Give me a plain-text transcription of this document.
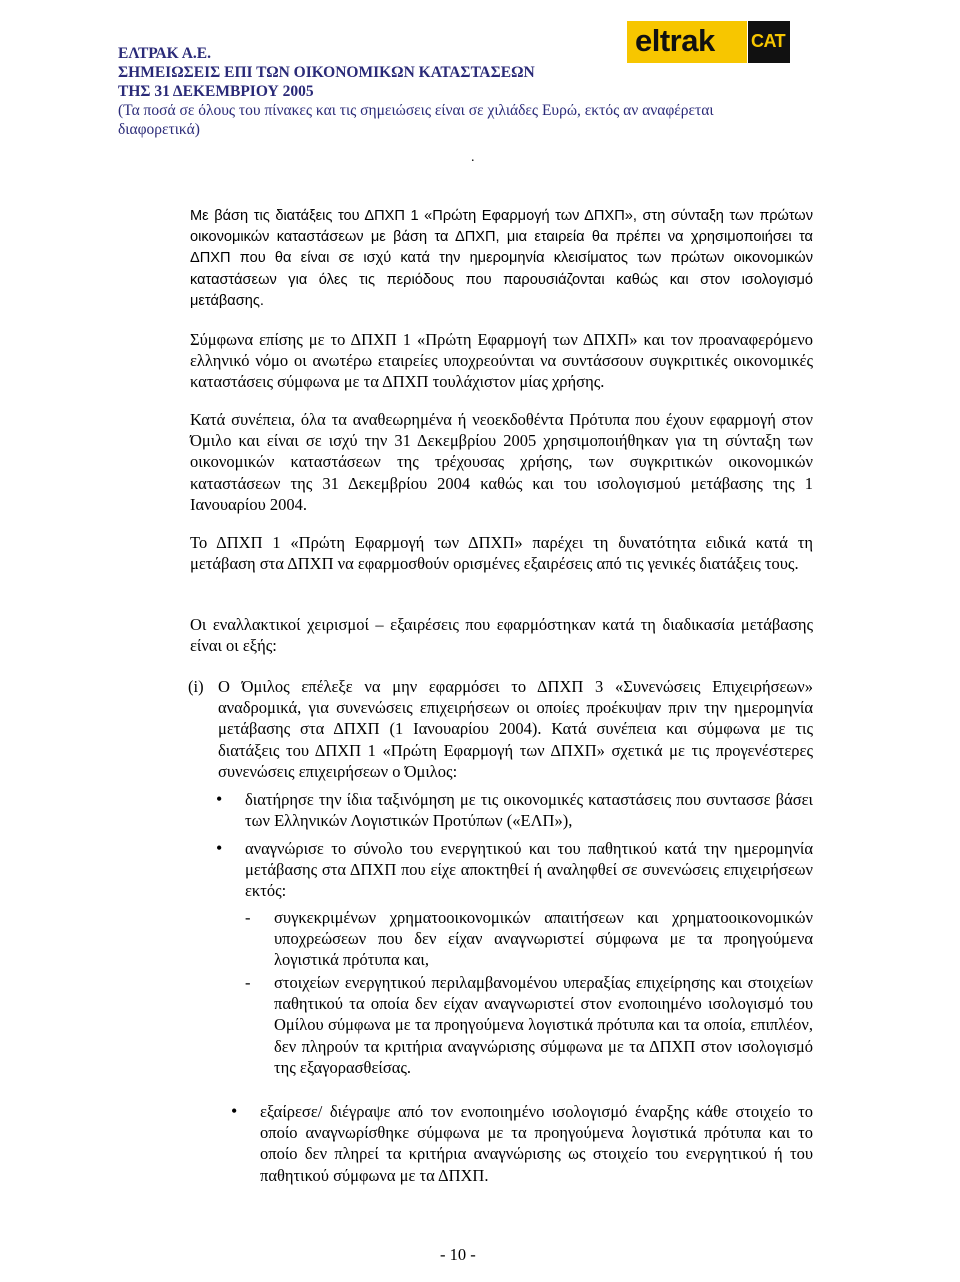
ΕΛΤΡΑΚ Α.Ε.
ΣΗΜΕΙΩΣΕΙΣ ΕΠΙ ΤΩΝ ΟΙΚΟΝΟΜΙΚΩΝ ΚΑΤΑΣΤΑΣΕΩΝ
ΤΗΣ 31 ΔΕΚΕΜΒΡΙΟΥ 2005
(Τα ποσά σε όλους του πίνακες και τις σημειώσεις είναι σε χιλιάδες Ευρώ, εκτός αν αναφέρεται διαφορετικά)
eltrak CAT
.

Με βάση τις διατάξεις του ΔΠΧΠ 1 «Πρώτη Εφαρμογή των ΔΠΧΠ», στη σύνταξη των πρώτων οικονομικών καταστάσεων με βάση τα ΔΠΧΠ, μια εταιρεία θα πρέπει να χρησιμοποιήσει τα ΔΠΧΠ που θα είναι σε ισχύ κατά την ημερομηνία κλεισίματος των πρώτων οικονομικών καταστάσεων για όλες τις περιόδους που παρουσιάζονται καθώς και στον ισολογισμό μετάβασης.

Σύμφωνα επίσης με το ΔΠΧΠ 1 «Πρώτη Εφαρμογή των ΔΠΧΠ» και τον προαναφερόμενο ελληνικό νόμο οι ανωτέρω εταιρείες υποχρεούνται να συντάσσουν συγκριτικές οικονομικές καταστάσεις σύμφωνα με τα ΔΠΧΠ τουλάχιστον μίας χρήσης.

Κατά συνέπεια, όλα τα αναθεωρημένα ή νεοεκδοθέντα Πρότυπα που έχουν εφαρμογή στον Όμιλο και είναι σε ισχύ την 31 Δεκεμβρίου 2005 χρησιμοποιήθηκαν για τη σύνταξη των οικονομικών καταστάσεων της τρέχουσας χρήσης, των συγκριτικών οικονομικών καταστάσεων της 31 Δεκεμβρίου 2004 καθώς και του ισολογισμού μετάβασης της 1 Ιανουαρίου 2004.

Το ΔΠΧΠ 1 «Πρώτη Εφαρμογή των ΔΠΧΠ» παρέχει τη δυνατότητα ειδικά κατά τη μετάβαση στα ΔΠΧΠ να εφαρμοσθούν ορισμένες εξαιρέσεις από τις γενικές διατάξεις τους.

Οι εναλλακτικοί χειρισμοί – εξαιρέσεις που εφαρμόστηκαν κατά τη διαδικασία μετάβασης είναι οι εξής:

(i) Ο Όμιλος επέλεξε να μην εφαρμόσει το ΔΠΧΠ 3 «Συνενώσεις Επιχειρήσεων» αναδρομικά, για συνενώσεις επιχειρήσεων οι οποίες προέκυψαν πριν την ημερομηνία μετάβασης στα ΔΠΧΠ (1 Ιανουαρίου 2004). Κατά συνέπεια και σύμφωνα με τις διατάξεις του ΔΠΧΠ 1 «Πρώτη Εφαρμογή των ΔΠΧΠ» σχετικά με τις προγενέστερες συνενώσεις επιχειρήσεων ο Όμιλος:

• διατήρησε την ίδια ταξινόμηση με τις οικονομικές καταστάσεις που συντασσε βάσει των Ελληνικών Λογιστικών Προτύπων («ΕΛΠ»),

• αναγνώρισε το σύνολο του ενεργητικού και του παθητικού κατά την ημερομηνία μετάβασης στα ΔΠΧΠ που είχε αποκτηθεί ή αναληφθεί σε συνενώσεις επιχειρήσεων εκτός:

- συγκεκριμένων χρηματοοικονομικών απαιτήσεων και χρηματοοικονομικών υποχρεώσεων που δεν είχαν αναγνωριστεί σύμφωνα με τα προηγούμενα λογιστικά πρότυπα και,

- στοιχείων ενεργητικού περιλαμβανομένου υπεραξίας επιχείρησης και στοιχείων παθητικού τα οποία δεν είχαν αναγνωριστεί στον ενοποιημένο ισολογισμό του Ομίλου σύμφωνα με τα προηγούμενα λογιστικά πρότυπα και τα οποία, επιπλέον, δεν πληρούν τα κριτήρια αναγνώρισης σύμφωνα με τα ΔΠΧΠ στον ισολογισμό της εξαγορασθείσας.

• εξαίρεσε/ διέγραψε από τον ενοποιημένο ισολογισμό έναρξης κάθε στοιχείο το οποίο αναγνωρίσθηκε σύμφωνα με τα προηγούμενα λογιστικά πρότυπα και το οποίο δεν πληρεί τα κριτήρια αναγνώρισης ως στοιχείο του ενεργητικού ή του παθητικού σύμφωνα με τα ΔΠΧΠ.

- 10 -
